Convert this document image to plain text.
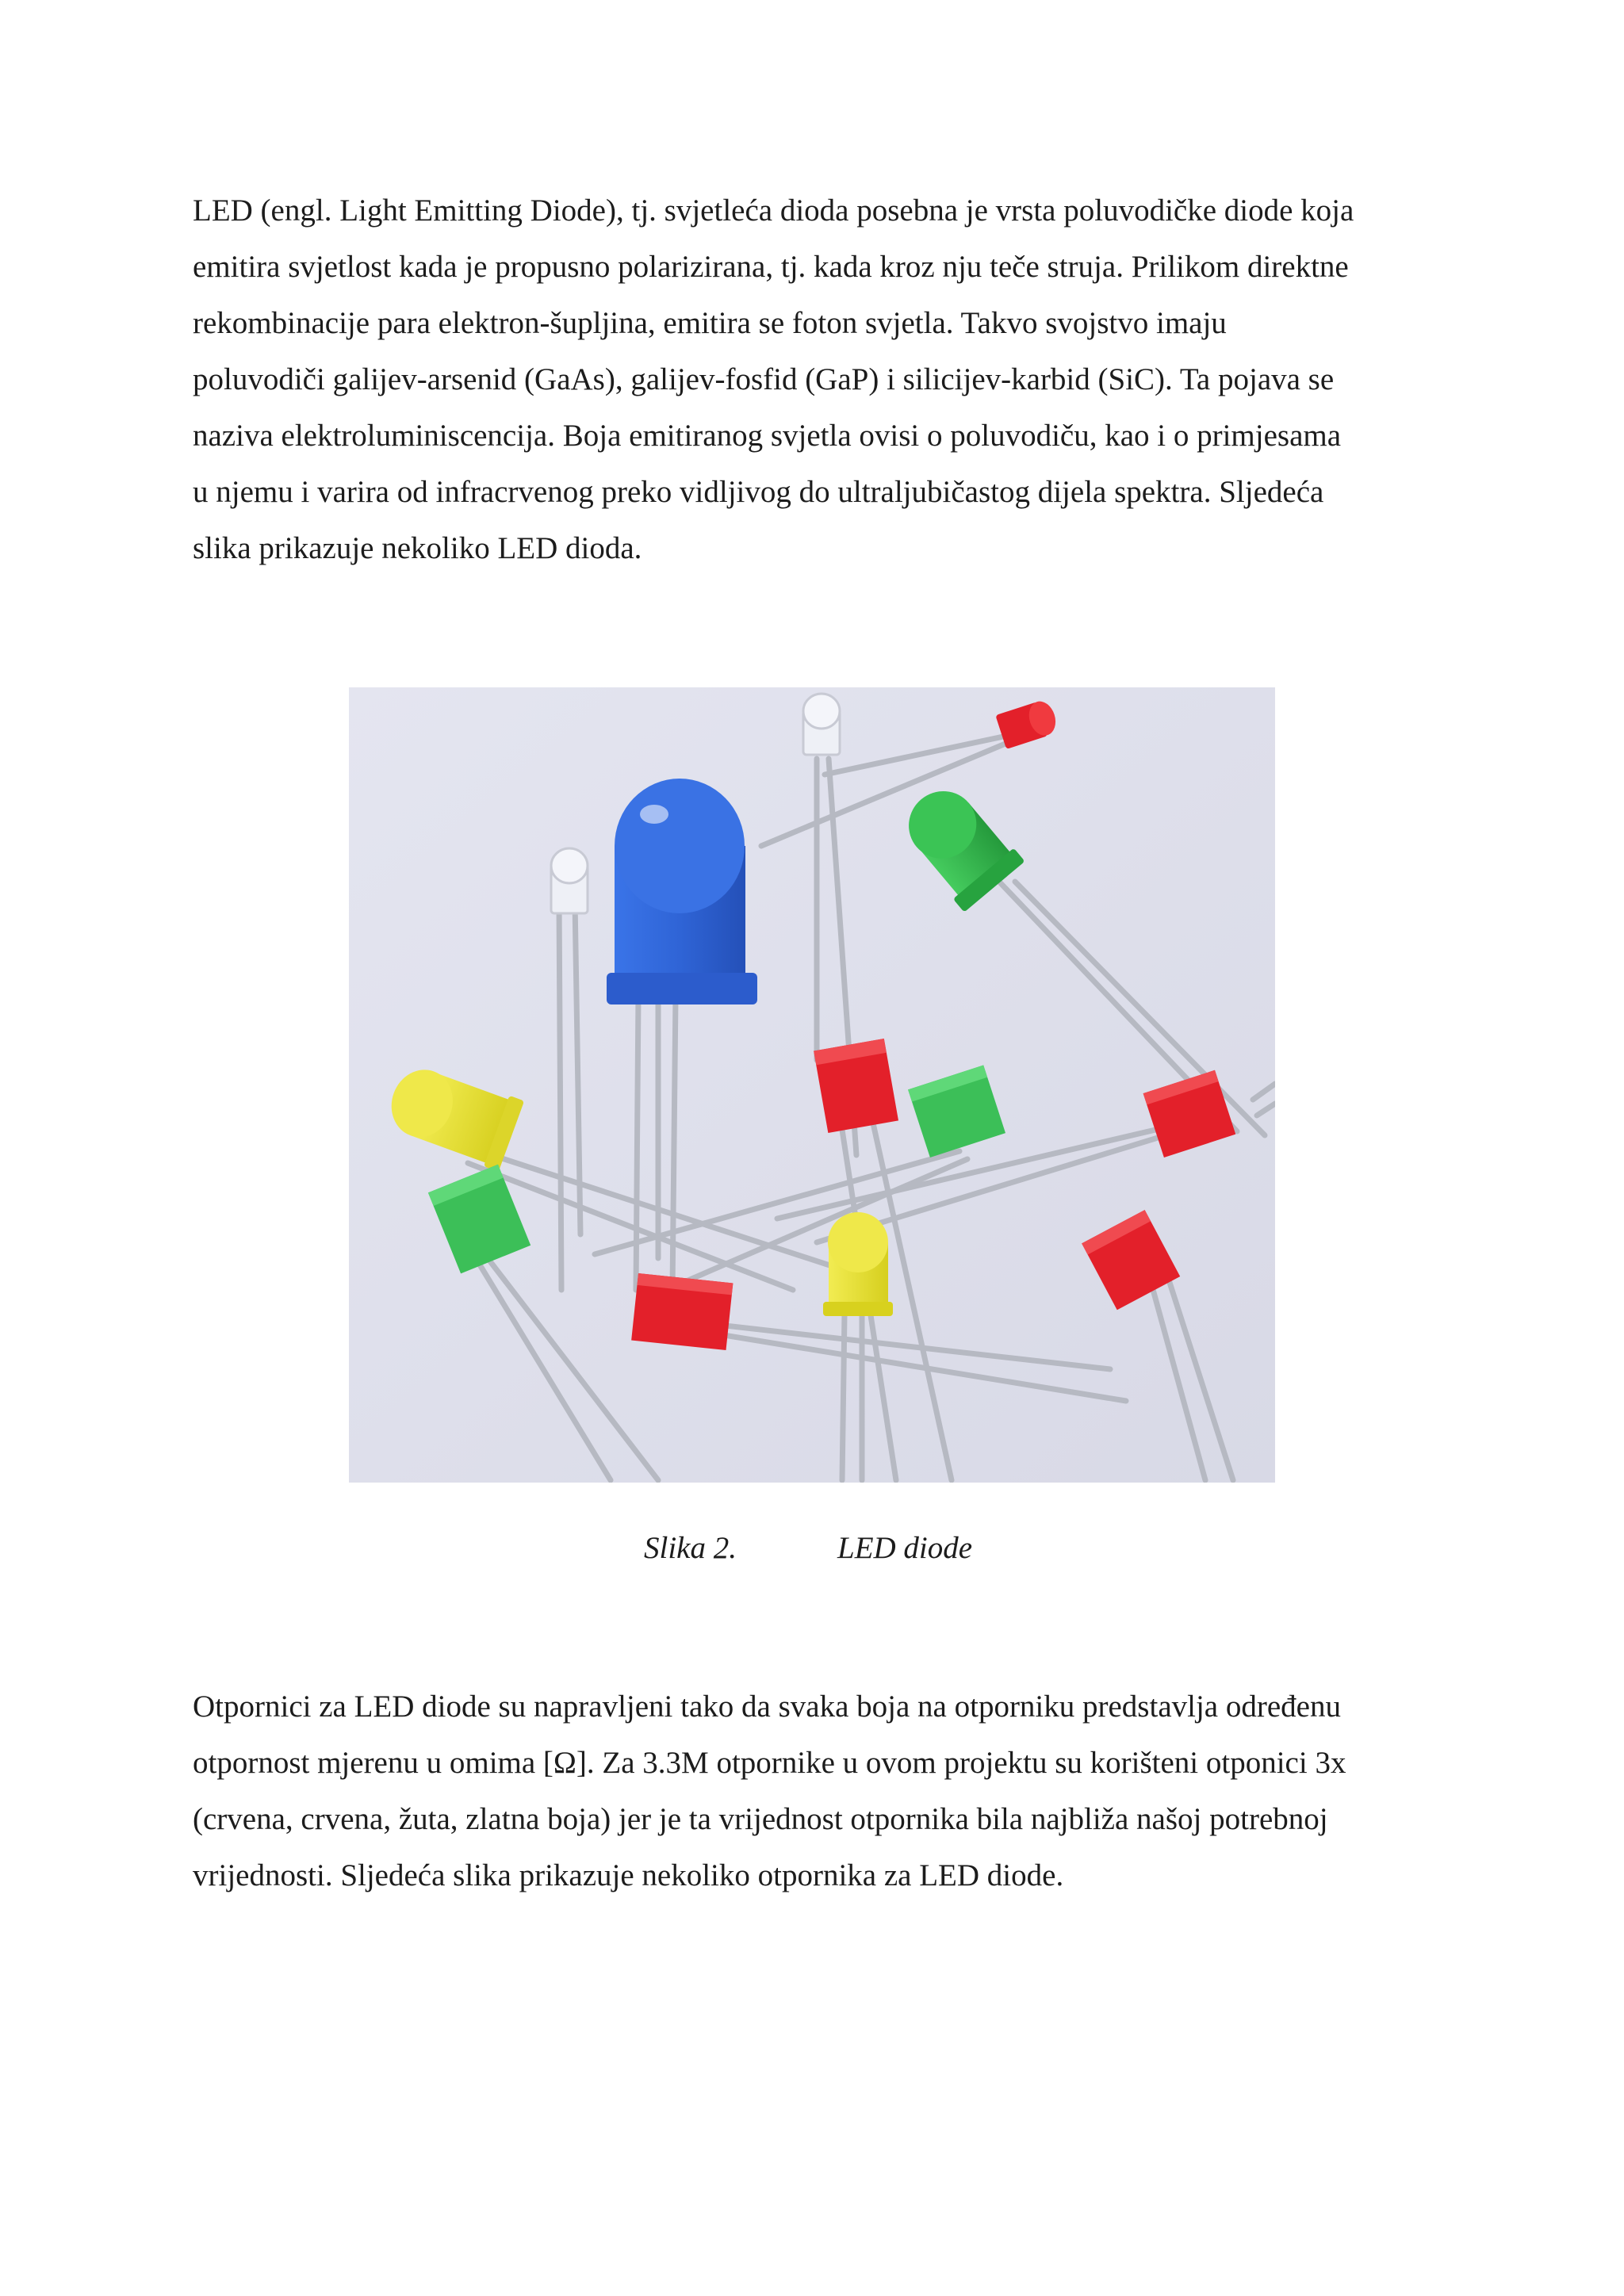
LED (engl. Light Emitting Diode), tj. svjetleća dioda posebna je vrsta poluvodičke diode koja
emitira svjetlost kada je propusno polarizirana, tj. kada kroz nju teče struja. Prilikom direktne
rekombinacije para elektron-šupljina, emitira se foton svjetla. Takvo svojstvo imaju
poluvodiči galijev-arsenid (GaAs), galijev-fosfid (GaP) i silicijev-karbid (SiC). Ta pojava se
naziva elektroluminiscencija. Boja emitiranog svjetla ovisi o poluvodiču, kao i o primjesama
u njemu i varira od infracrvenog preko vidljivog do ultraljubičastog dijela spektra. Sljedeća
slika prikazuje nekoliko LED dioda.

Slika 2.	LED diode

Otpornici za LED diode su napravljeni tako da svaka boja na otporniku predstavlja određenu
otpornost mjerenu u omima [Ω]. Za 3.3M otpornike u ovom projektu su korišteni otponici 3x
(crvena, crvena, žuta, zlatna boja) jer je ta vrijednost otpornika bila najbliža našoj potrebnoj
vrijednosti. Sljedeća slika prikazuje nekoliko otpornika za LED diode.
